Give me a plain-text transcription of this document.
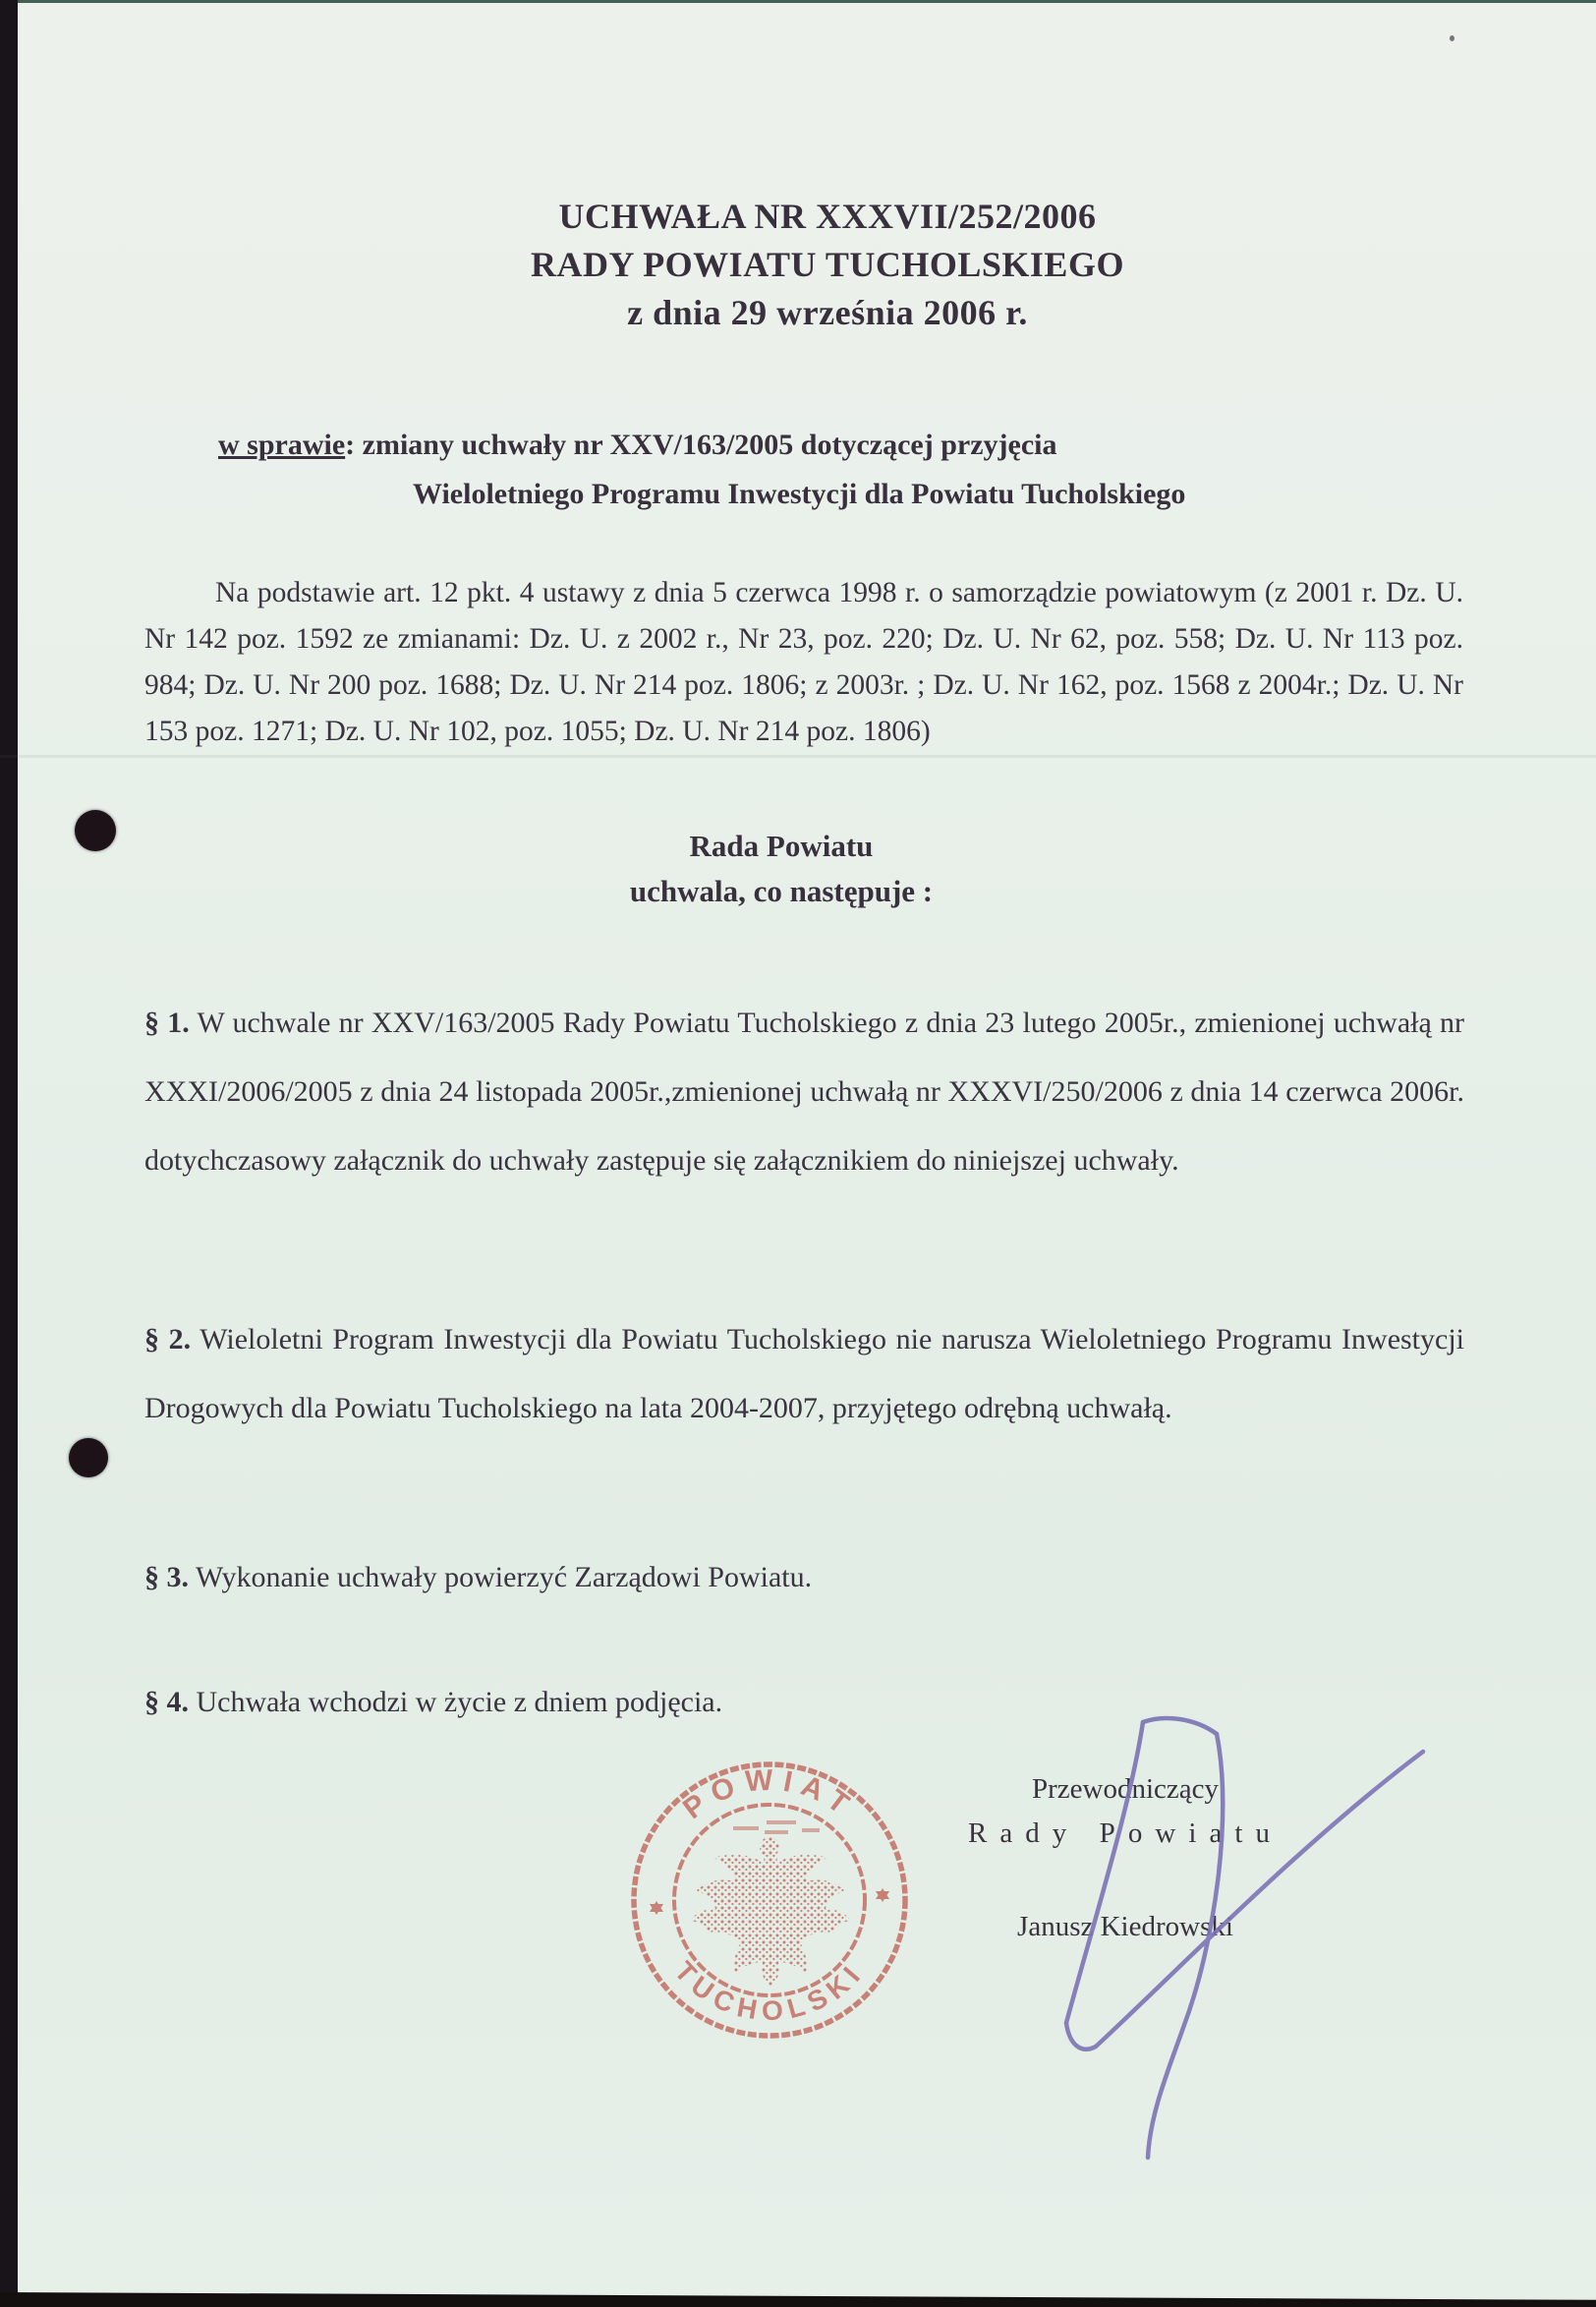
UCHWAŁA NR XXXVII/252/2006
RADY POWIATU TUCHOLSKIEGO
z dnia 29 września 2006 r.
w sprawie: zmiany uchwały nr XXV/163/2005 dotyczącej przyjęcia
Wieloletniego Programu Inwestycji dla Powiatu Tucholskiego

Na podstawie art. 12 pkt. 4 ustawy z dnia 5 czerwca 1998 r. o samorządzie powiatowym (z 2001 r. Dz. U. Nr 142 poz. 1592 ze zmianami: Dz. U. z 2002 r., Nr 23, poz. 220; Dz. U. Nr 62, poz. 558; Dz. U. Nr 113 poz. 984; Dz. U. Nr 200 poz. 1688; Dz. U. Nr 214 poz. 1806; z 2003r. ; Dz. U. Nr 162, poz. 1568 z 2004r.; Dz. U. Nr 153 poz. 1271; Dz. U. Nr 102, poz. 1055; Dz. U. Nr 214 poz. 1806)

Rada Powiatu
uchwala, co następuje :

§ 1. W uchwale nr XXV/163/2005 Rady Powiatu Tucholskiego z dnia 23 lutego 2005r., zmienionej uchwałą nr XXXI/2006/2005 z dnia 24 listopada 2005r.,zmienionej uchwałą nr XXXVI/250/2006 z dnia 14 czerwca 2006r. dotychczasowy załącznik do uchwały zastępuje się załącznikiem do niniejszej uchwały.

§ 2. Wieloletni Program Inwestycji dla Powiatu Tucholskiego nie narusza Wieloletniego Programu Inwestycji Drogowych dla Powiatu Tucholskiego na lata 2004-2007, przyjętego odrębną uchwałą.

§ 3. Wykonanie uchwały powierzyć Zarządowi Powiatu.

§ 4. Uchwała wchodzi w życie z dniem podjęcia.

POWIAT
TUCHOLSKI
Przewodniczący
Rady Powiatu
Janusz Kiedrowski
